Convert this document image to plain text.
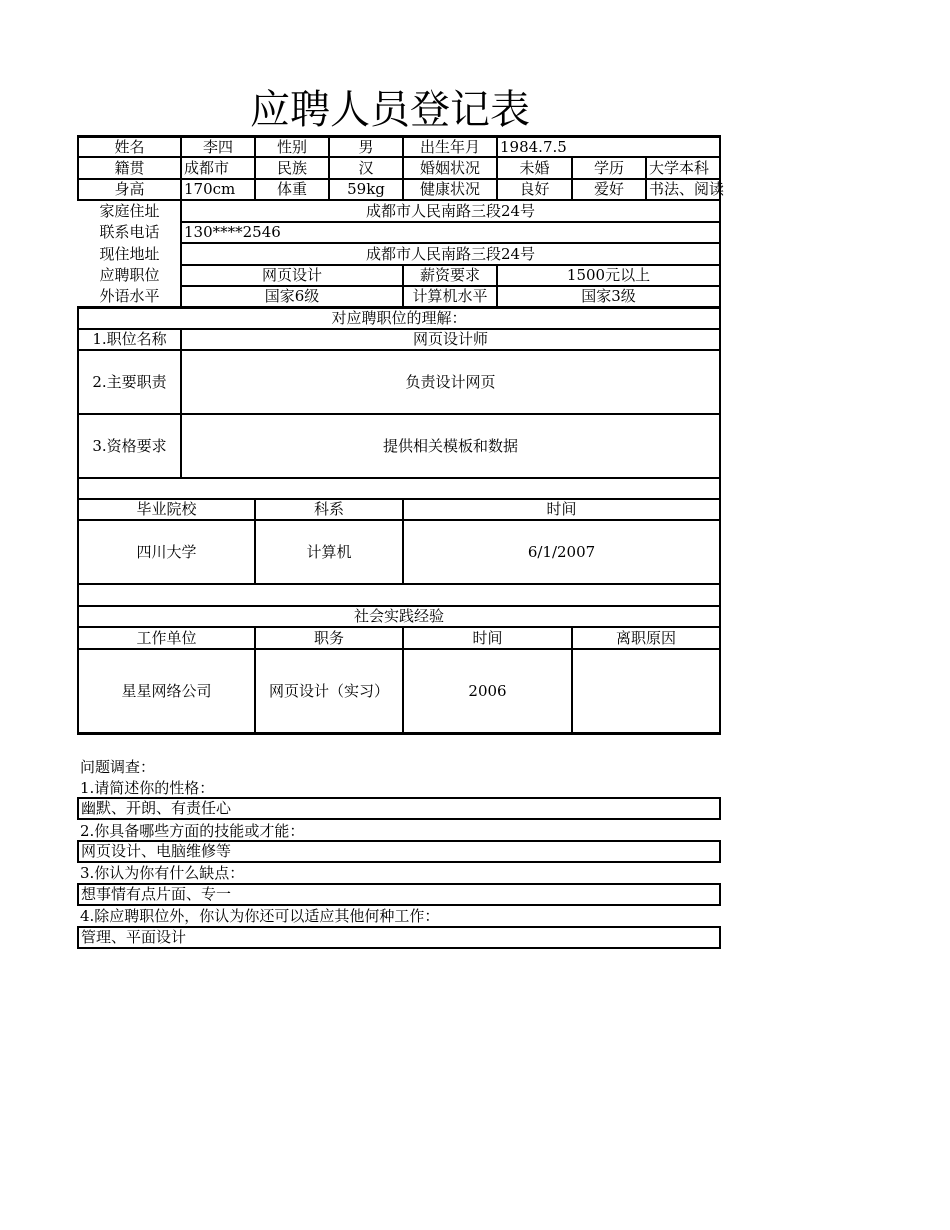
应聘人员登记表
姓名	李四	性别	男	出生年月	1984.7.5
籍贯	成都市	民族	汉	婚姻状况	未婚	学历	大学本科
身高	170cm	体重	59kg	健康状况	良好	爱好	书法、阅读
家庭住址	成都市人民南路三段24号
联系电话	130****2546
现住地址	成都市人民南路三段24号
应聘职位	网页设计	薪资要求	1500元以上
外语水平	国家6级	计算机水平	国家3级
对应聘职位的理解：
1.职位名称	网页设计师
2.主要职责	负责设计网页
3.资格要求	提供相关模板和数据
毕业院校	科系	时间
四川大学	计算机	6/1/2007
社会实践经验
工作单位	职务	时间	离职原因
星星网络公司	网页设计（实习）	2006
问题调查：
1.请简述你的性格：
幽默、开朗、有责任心
2.你具备哪些方面的技能或才能：
网页设计、电脑维修等
3.你认为你有什么缺点：
想事情有点片面、专一
4.除应聘职位外，你认为你还可以适应其他何种工作：
管理、平面设计
